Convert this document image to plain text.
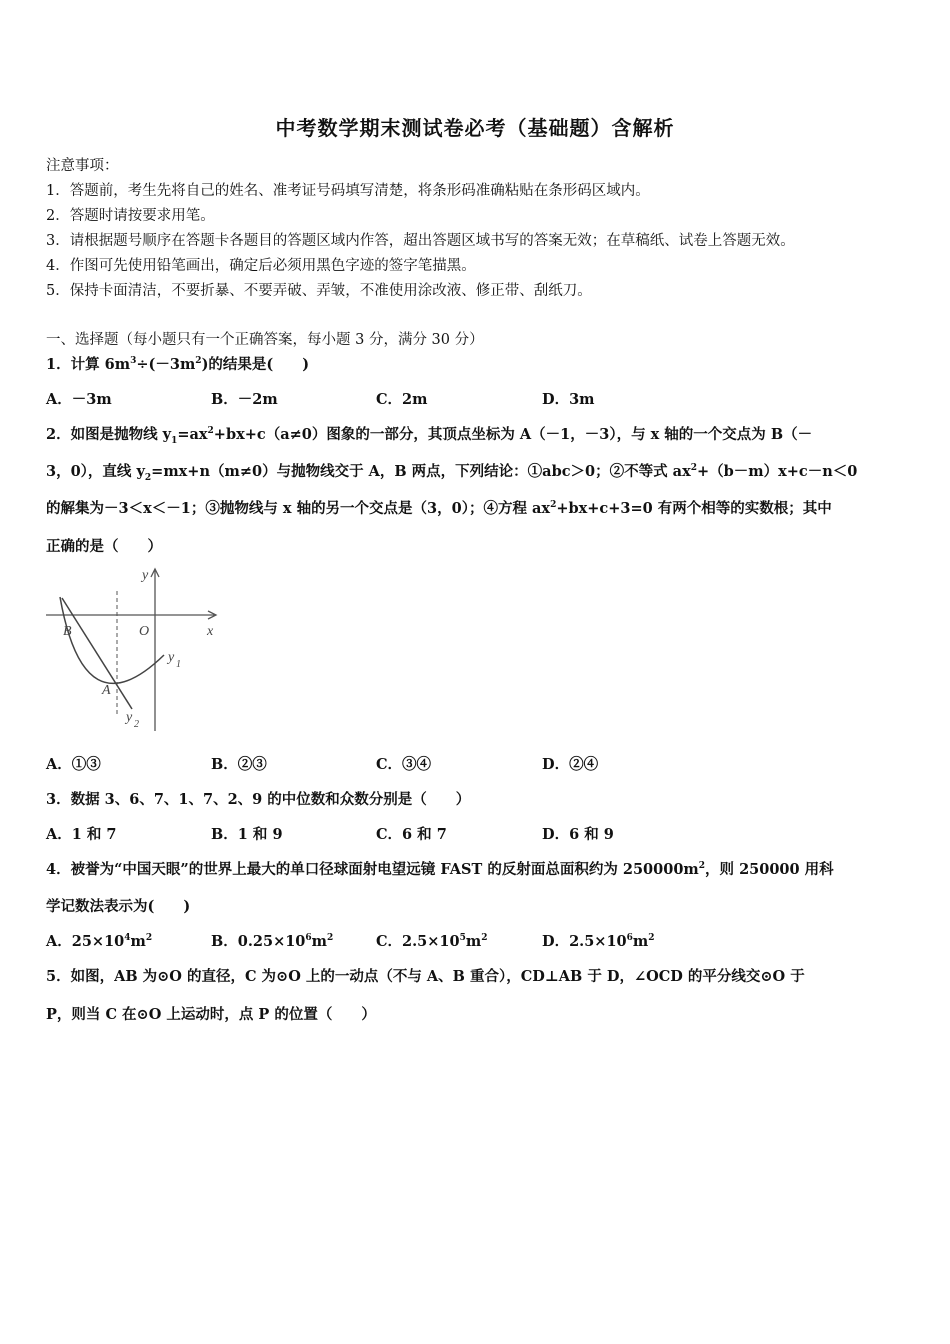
中考数学期末测试卷必考（基础题）含解析
注意事项：
1．答题前，考生先将自己的姓名、准考证号码填写清楚，将条形码准确粘贴在条形码区域内。
2．答题时请按要求用笔。
3．请根据题号顺序在答题卡各题目的答题区域内作答，超出答题区域书写的答案无效；在草稿纸、试卷上答题无效。
4．作图可先使用铅笔画出，确定后必须用黑色字迹的签字笔描黑。
5．保持卡面清洁，不要折暴、不要弄破、弄皱，不准使用涂改液、修正带、刮纸刀。
一、选择题（每小题只有一个正确答案，每小题 3 分，满分 30 分）
1．计算 $6m^3\div(-3m^2)$的结果是(　　)
A．－3m	B．－2m	C．2m	D．3m
2．如图是抛物线 $y_1=ax^2+bx+c(a\ne 0)$图象的一部分，其顶点坐标为 A（－1，－3），与 x 轴的一个交点为 B（－
3，0），直线 $y_2=mx+n(m\ne 0)$与抛物线交于 A，B 两点，下列结论：①abc＞0；②不等式 $ax^2+(b-m)x+c-n<0$
的解集为－3＜x＜－1；③抛物线与 x 轴的另一个交点是（3，0）；④方程 $ax^2+bx+c+3=0$ 有两个相等的实数根；其中
正确的是（　　）
y
x
O
B
A
y 1
y 2
A．①③	B．②③	C．③④	D．②④
3．数据 3、6、7、1、7、2、9 的中位数和众数分别是（　　）
A．1 和 7	B．1 和 9	C．6 和 7	D．6 和 9
4．被誉为“中国天眼”的世界上最大的单口径球面射电望远镜 FAST 的反射面总面积约为 $250000m^2$，则 250000 用科
学记数法表示为(　　)
A．$25\times 10^4m^2$	B．$0.25\times 10^6m^2$	C．$2.5\times 10^5m^2$	D．$2.5\times 10^6m^2$
5．如图，AB 为⊙O 的直径，C 为⊙O 上的一动点（不与 A、B 重合），CD⊥AB 于 D，∠OCD 的平分线交⊙O 于
P，则当 C 在⊙O 上运动时，点 P 的位置（　　）
